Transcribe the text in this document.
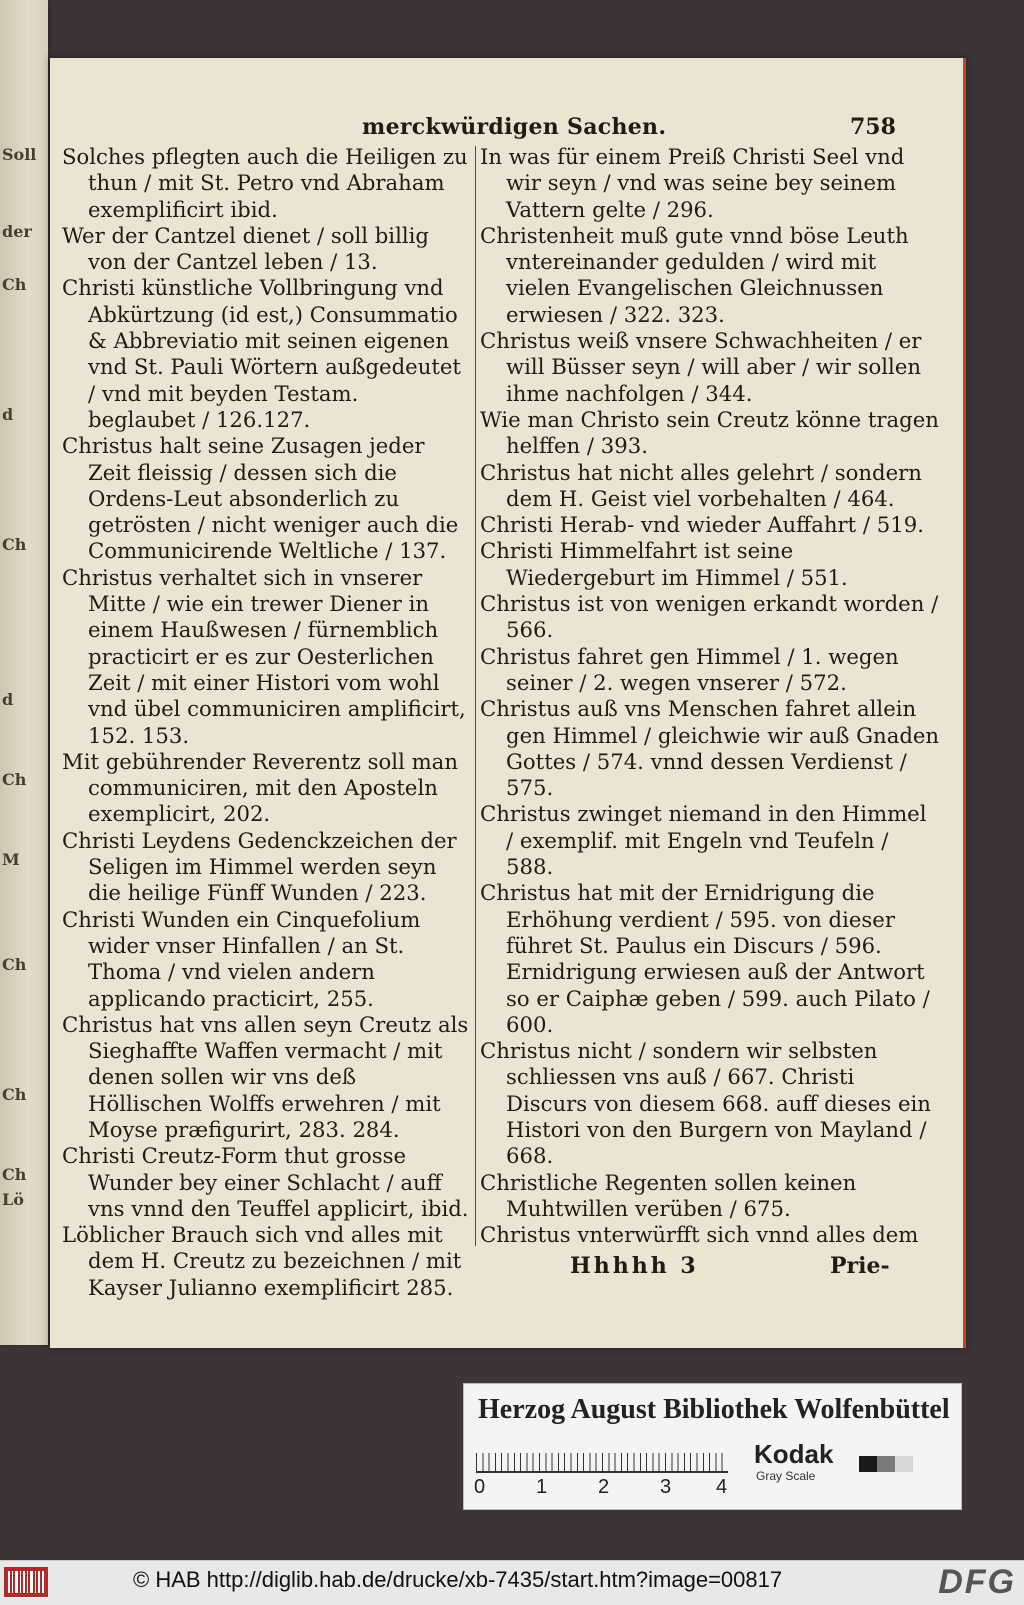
Soll
der
Ch
d
Ch
d
Ch
M
Ch
Ch
Ch
Lö
merckwürdigen Sachen.	758
Solches pflegten auch die Heiligen zu thun / mit St. Petro vnd Abraham exemplificirt ibid.
Wer der Cantzel dienet / soll billig von der Cantzel leben / 13.
Christi künstliche Vollbringung vnd Abkürtzung (id est,) Consummatio & Abbreviatio mit seinen eigenen vnd St. Pauli Wörtern außgedeutet / vnd mit beyden Testam. beglaubet / 126.127.
Christus halt seine Zusagen jeder Zeit fleissig / dessen sich die Ordens-Leut absonderlich zu getrösten / nicht weniger auch die Communicirende Weltliche / 137.
Christus verhaltet sich in vnserer Mitte / wie ein trewer Diener in einem Haußwesen / fürnemblich practicirt er es zur Oesterlichen Zeit / mit einer Histori vom wohl vnd übel communiciren amplificirt, 152. 153.
Mit gebührender Reverentz soll man communiciren, mit den Aposteln exemplicirt, 202.
Christi Leydens Gedenckzeichen der Seligen im Himmel werden seyn die heilige Fünff Wunden / 223.
Christi Wunden ein Cinquefolium wider vnser Hinfallen / an St. Thoma / vnd vielen andern applicando practicirt, 255.
Christus hat vns allen seyn Creutz als Sieghaffte Waffen vermacht / mit denen sollen wir vns deß Höllischen Wolffs erwehren / mit Moyse præfigurirt, 283. 284.
Christi Creutz-Form thut grosse Wunder bey einer Schlacht / auff vns vnnd den Teuffel applicirt, ibid.
Löblicher Brauch sich vnd alles mit dem H. Creutz zu bezeichnen / mit Kayser Julianno exemplificirt 285.
In was für einem Preiß Christi Seel vnd wir seyn / vnd was seine bey seinem Vattern gelte / 296.
Christenheit muß gute vnnd böse Leuth vntereinander gedulden / wird mit vielen Evangelischen Gleichnussen erwiesen / 322. 323.
Christus weiß vnsere Schwachheiten / er will Büsser seyn / will aber / wir sollen ihme nachfolgen / 344.
Wie man Christo sein Creutz könne tragen helffen / 393.
Christus hat nicht alles gelehrt / sondern dem H. Geist viel vorbehalten / 464.
Christi Herab- vnd wieder Auffahrt / 519.
Christi Himmelfahrt ist seine Wiedergeburt im Himmel / 551.
Christus ist von wenigen erkandt worden / 566.
Christus fahret gen Himmel / 1. wegen seiner / 2. wegen vnserer / 572.
Christus auß vns Menschen fahret allein gen Himmel / gleichwie wir auß Gnaden Gottes / 574. vnnd dessen Verdienst / 575.
Christus zwinget niemand in den Himmel / exemplif. mit Engeln vnd Teufeln / 588.
Christus hat mit der Ernidrigung die Erhöhung verdient / 595. von dieser führet St. Paulus ein Discurs / 596. Ernidrigung erwiesen auß der Antwort so er Caiphæ geben / 599. auch Pilato / 600.
Christus nicht / sondern wir selbsten schliessen vns auß / 667. Christi Discurs von diesem 668. auff dieses ein Histori von den Burgern von Mayland / 668.
Christliche Regenten sollen keinen Muhtwillen verüben / 675.
Christus vnterwürfft sich vnnd alles dem
Hhhhh 3	Prie-
Herzog August Bibliothek Wolfenbüttel
0	1	2	3 4
Kodak
Gray Scale
© HAB http://diglib.hab.de/drucke/xb-7435/start.htm?image=00817	DFG
